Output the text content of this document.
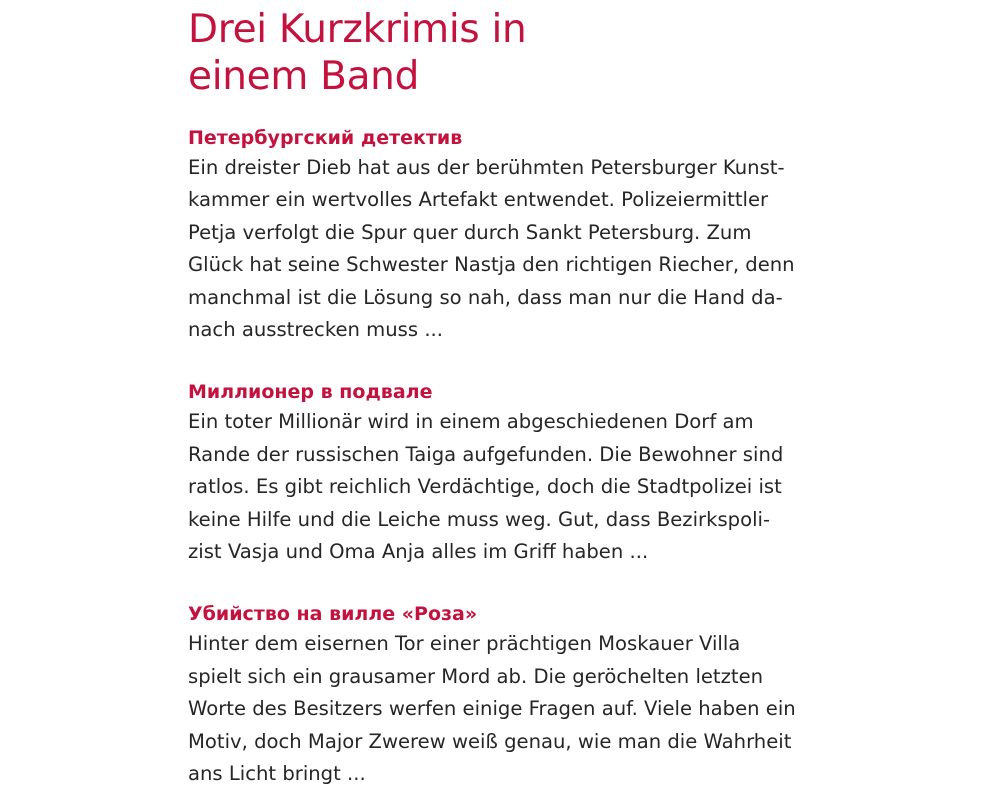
Drei Kurzkrimis in
einem Band
Петербургский детектив

Ein dreister Dieb hat aus der berühmten Petersburger Kunst-
kammer ein wertvolles Artefakt entwendet. Polizeiermittler
Petja verfolgt die Spur quer durch Sankt Petersburg. Zum
Glück hat seine Schwester Nastja den richtigen Riecher, denn
manchmal ist die Lösung so nah, dass man nur die Hand da-
nach ausstrecken muss ...

Миллионер в подвале

Ein toter Millionär wird in einem abgeschiedenen Dorf am
Rande der russischen Taiga aufgefunden. Die Bewohner sind
ratlos. Es gibt reichlich Verdächtige, doch die Stadtpolizei ist
keine Hilfe und die Leiche muss weg. Gut, dass Bezirkspoli-
zist Vasja und Oma Anja alles im Griff haben ...

Убийство на вилле «Роза»

Hinter dem eisernen Tor einer prächtigen Moskauer Villa
spielt sich ein grausamer Mord ab. Die geröchelten letzten
Worte des Besitzers werfen einige Fragen auf. Viele haben ein
Motiv, doch Major Zwerew weiß genau, wie man die Wahrheit
ans Licht bringt ...
